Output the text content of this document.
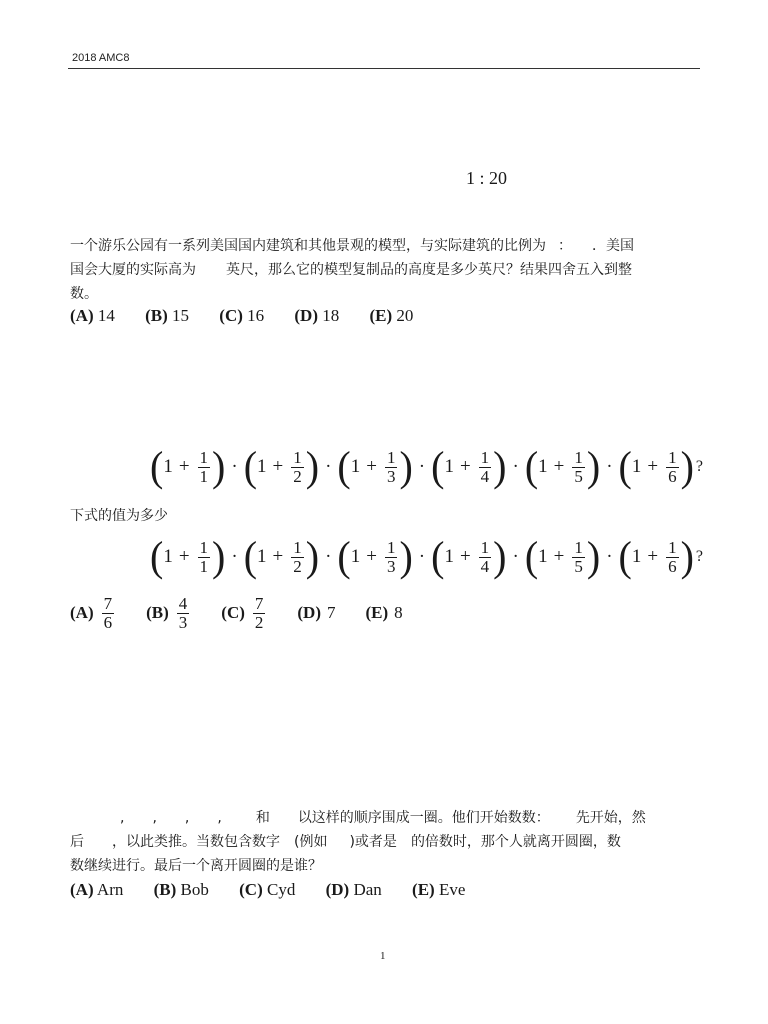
2018 AMC8
1 : 20
一个游乐公园有一系列美国国内建筑和其他景观的模型，与实际建筑的比例为 ： ．美国
国会大厦的实际高为 英尺，那么它的模型复制品的高度是多少英尺？结果四舍五入到整
数。
(A) 14 (B) 15 (C) 16 (D) 18 (E) 20
( $1 + \frac{1}{1}$ ) · ( $1 + \frac{1}{2}$ ) · ( $1 + \frac{1}{3}$ ) · ( $1 + \frac{1}{4}$ ) · ( $1 + \frac{1}{5}$ ) · ( $1 + \frac{1}{6}$ ) ?
下式的值为多少
( $1 + \frac{1}{1}$ ) · ( $1 + \frac{1}{2}$ ) · ( $1 + \frac{1}{3}$ ) · ( $1 + \frac{1}{4}$ ) · ( $1 + \frac{1}{5}$ ) · ( $1 + \frac{1}{6}$ ) ?
$(A) \frac{7}{6} (B) \frac{4}{3} (C) \frac{7}{2} (D)$ 7 (E) 8
, , , , 和 以这样的顺序围成一圈。他们开始数数： 先开始，然
后 ，以此类推。当数包含数字 (例如 )或者是 的倍数时，那个人就离开圆圈，数
数继续进行。最后一个离开圆圈的是谁？
(A) Arn (B) Bob (C) Cyd (D) Dan (E) Eve
1
